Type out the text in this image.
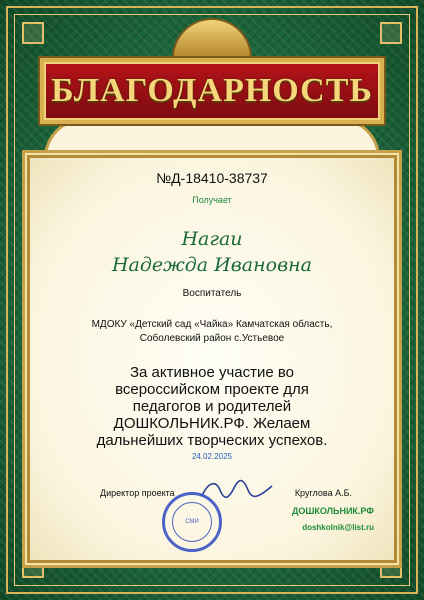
БЛАГОДАРНОСТЬ
№Д-18410-38737
Получает
Нагаи
Надежда Ивановна
Воспитатель
МДОКУ «Детский сад «Чайка» Камчатская область,
Соболевский район с.Устьевое
За активное участие во
всероссийском проекте для
педагогов и родителей
ДОШКОЛЬНИК.РФ. Желаем
дальнейших творческих успехов.
24.02.2025
Директор проекта	Круглова А.Б.
СМИ
ДОШКОЛЬНИК.РФ
doshkolnik@list.ru
